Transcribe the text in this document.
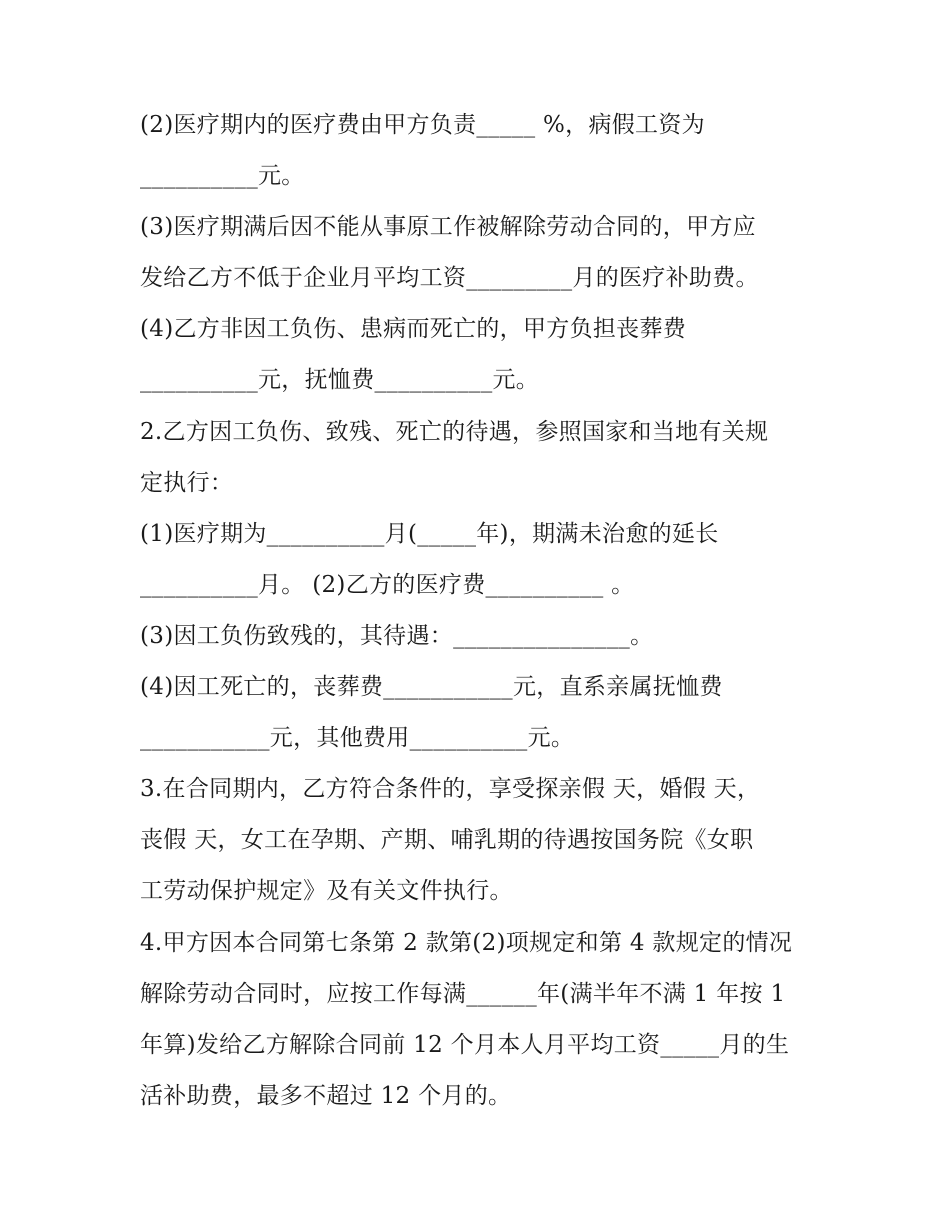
(2)医疗期内的医疗费由甲方负责_____ %，病假工资为
__________元。
(3)医疗期满后因不能从事原工作被解除劳动合同的，甲方应
发给乙方不低于企业月平均工资_________月的医疗补助费。
(4)乙方非因工负伤、患病而死亡的，甲方负担丧葬费
__________元，抚恤费__________元。
2.乙方因工负伤、致残、死亡的待遇，参照国家和当地有关规
定执行：
(1)医疗期为__________月(_____年)，期满未治愈的延长
__________月。 (2)乙方的医疗费__________ 。
(3)因工负伤致残的，其待遇：_______________。
(4)因工死亡的，丧葬费___________元，直系亲属抚恤费
___________元，其他费用__________元。
3.在合同期内，乙方符合条件的，享受探亲假 天，婚假 天，
丧假 天，女工在孕期、产期、哺乳期的待遇按国务院《女职
工劳动保护规定》及有关文件执行。
4.甲方因本合同第七条第 2 款第(2)项规定和第 4 款规定的情况
解除劳动合同时，应按工作每满______年(满半年不满 1 年按 1
年算)发给乙方解除合同前 12 个月本人月平均工资_____月的生
活补助费，最多不超过 12 个月的。
